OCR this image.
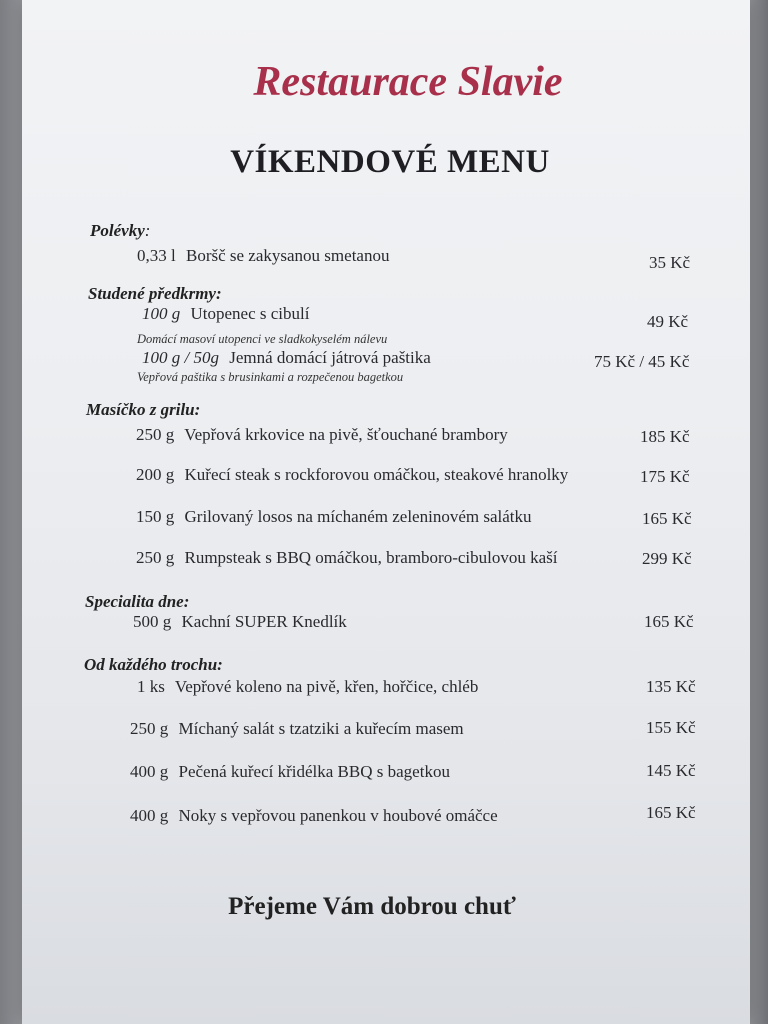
Restaurace Slavie
VÍKENDOVÉ MENU
Polévky:
0,33 l Boršč se zakysanou smetanou	35 Kč
Studené předkrmy:
100 g Utopenec s cibulí	49 Kč
Domácí masoví utopenci ve sladkokyselém nálevu
100 g / 50g Jemná domácí játrová paštika	75 Kč / 45 Kč
Vepřová paštika s brusinkami a rozpečenou bagetkou
Masíčko z grilu:
250 g Vepřová krkovice na pivě, šťouchané brambory	185 Kč
200 g Kuřecí steak s rockforovou omáčkou, steakové hranolky	175 Kč
150 g Grilovaný losos na míchaném zeleninovém salátku	165 Kč
250 g Rumpsteak s BBQ omáčkou, bramboro-cibulovou kaší	299 Kč
Specialita dne:
500 g Kachní SUPER Knedlík	165 Kč
Od každého trochu:
1 ks Vepřové koleno na pivě, křen, hořčice, chléb	135 Kč
250 g Míchaný salát s tzatziki a kuřecím masem	155 Kč
400 g Pečená kuřecí křidélka BBQ s bagetkou	145 Kč
400 g Noky s vepřovou panenkou v houbové omáčce	165 Kč
Přejeme Vám dobrou chuť
